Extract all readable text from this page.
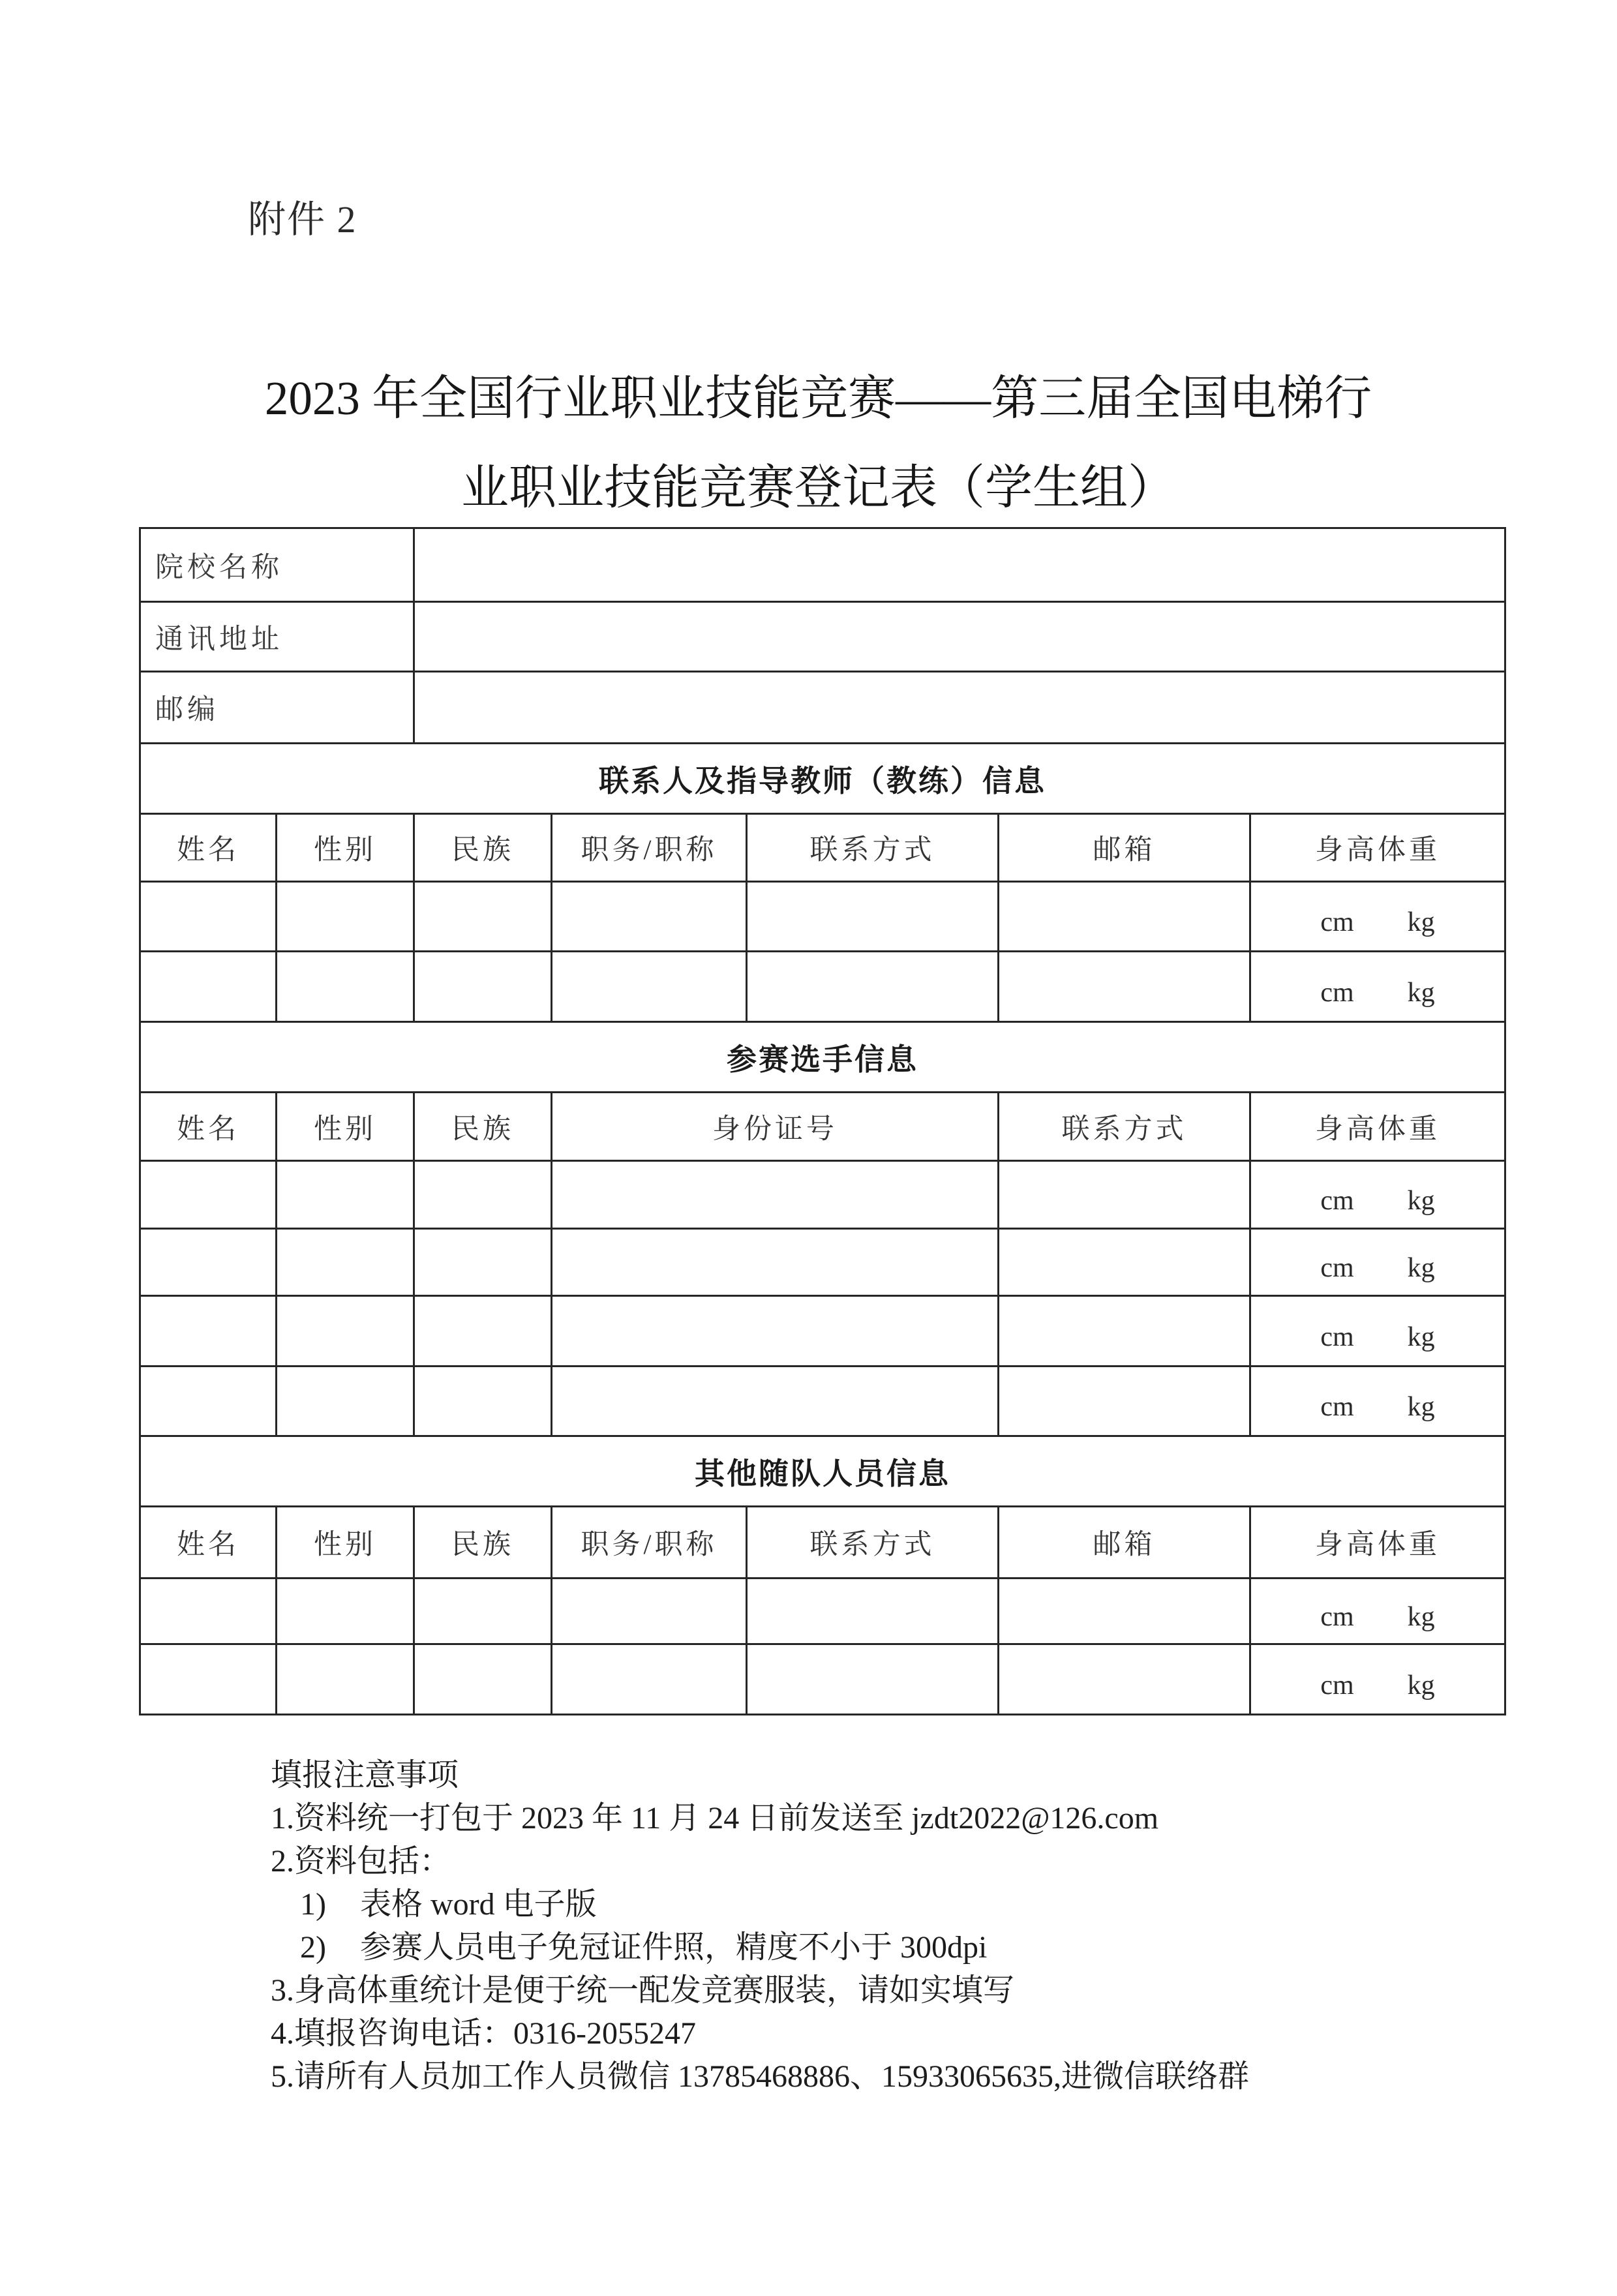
附件 2
2023 年全国行业职业技能竞赛——第三届全国电梯行
业职业技能竞赛登记表（学生组）
院校名称						
通讯地址						
邮编						
联系人及指导教师（教练）信息						
姓名	性别	民族	职务/职称	联系方式	邮箱	身高体重
						cm kg
						cm kg
参赛选手信息						
姓名	性别	民族	身份证号		联系方式	身高体重
						cm kg
						cm kg
						cm kg
						cm kg
其他随队人员信息						
姓名	性别	民族	职务/职称	联系方式	邮箱	身高体重
						cm kg
						cm kg
填报注意事项
1.资料统一打包于 2023 年 11 月 24 日前发送至 jzdt2022@126.com
2.资料包括：
1) 表格 word 电子版
2) 参赛人员电子免冠证件照，精度不小于 300dpi
3.身高体重统计是便于统一配发竞赛服装，请如实填写
4.填报咨询电话：0316-2055247
5.请所有人员加工作人员微信 13785468886、15933065635,进微信联络群
